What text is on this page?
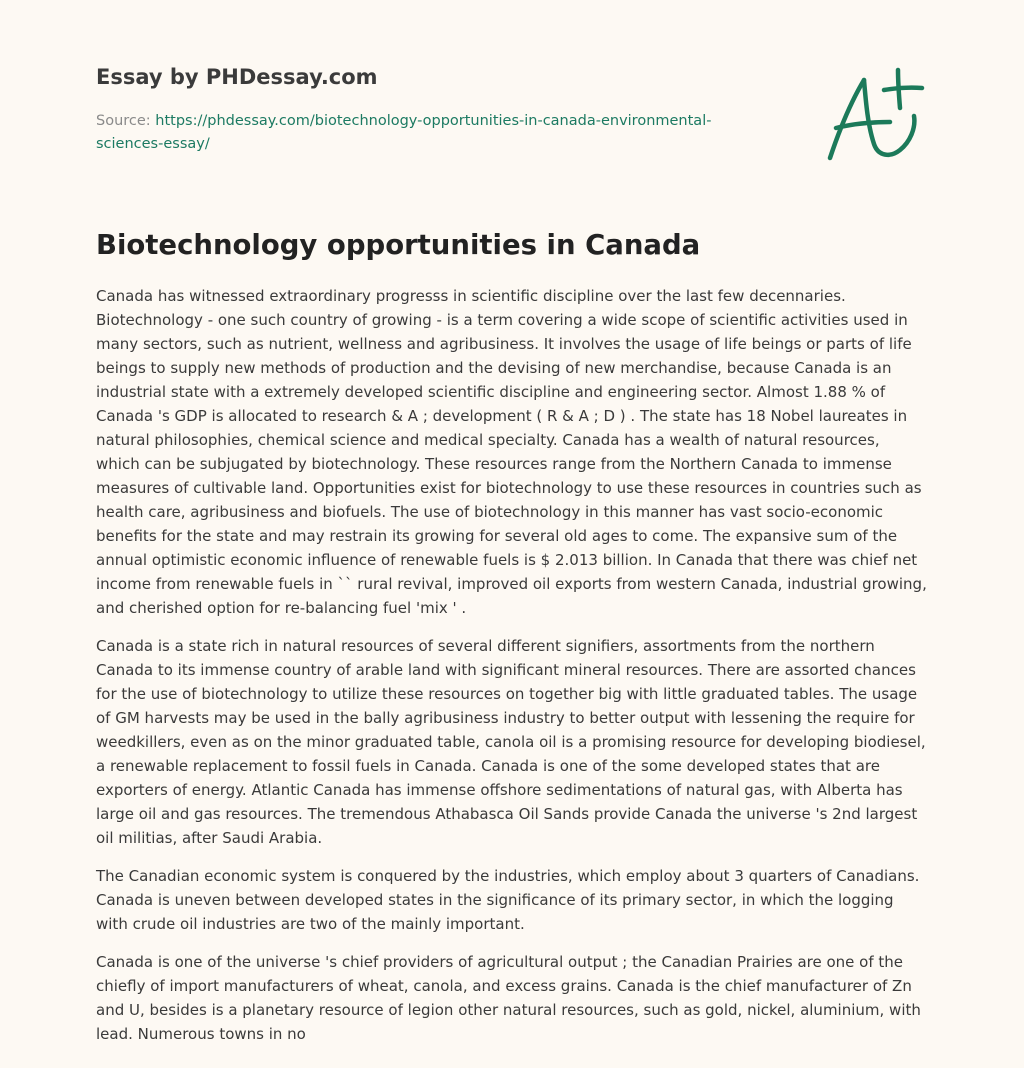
Essay by PHDessay.com
Source: https://phdessay.com/biotechnology-opportunities-in-canada-environmental-sciences-essay/
Biotechnology opportunities in Canada

Canada has witnessed extraordinary progresss in scientific discipline over the last few decennaries. Biotechnology - one such country of growing - is a term covering a wide scope of scientific activities used in many sectors, such as nutrient, wellness and agribusiness. It involves the usage of life beings or parts of life beings to supply new methods of production and the devising of new merchandise, because Canada is an industrial state with a extremely developed scientific discipline and engineering sector. Almost 1.88 % of Canada 's GDP is allocated to research & A ; development ( R & A ; D ) . The state has 18 Nobel laureates in natural philosophies, chemical science and medical specialty. Canada has a wealth of natural resources, which can be subjugated by biotechnology. These resources range from the Northern Canada to immense measures of cultivable land. Opportunities exist for biotechnology to use these resources in countries such as health care, agribusiness and biofuels. The use of biotechnology in this manner has vast socio-economic benefits for the state and may restrain its growing for several old ages to come. The expansive sum of the annual optimistic economic influence of renewable fuels is $ 2.013 billion. In Canada that there was chief net income from renewable fuels in `` rural revival, improved oil exports from western Canada, industrial growing, and cherished option for re-balancing fuel 'mix ' .

Canada is a state rich in natural resources of several different signifiers, assortments from the northern Canada to its immense country of arable land with significant mineral resources. There are assorted chances for the use of biotechnology to utilize these resources on together big with little graduated tables. The usage of GM harvests may be used in the bally agribusiness industry to better output with lessening the require for weedkillers, even as on the minor graduated table, canola oil is a promising resource for developing biodiesel, a renewable replacement to fossil fuels in Canada. Canada is one of the some developed states that are exporters of energy. Atlantic Canada has immense offshore sedimentations of natural gas, with Alberta has large oil and gas resources. The tremendous Athabasca Oil Sands provide Canada the universe 's 2nd largest oil militias, after Saudi Arabia.

The Canadian economic system is conquered by the industries, which employ about 3 quarters of Canadians. Canada is uneven between developed states in the significance of its primary sector, in which the logging with crude oil industries are two of the mainly important.

Canada is one of the universe 's chief providers of agricultural output ; the Canadian Prairies are one of the chiefly of import manufacturers of wheat, canola, and excess grains. Canada is the chief manufacturer of Zn and U, besides is a planetary resource of legion other natural resources, such as gold, nickel, aluminium, with lead. Numerous towns in no
